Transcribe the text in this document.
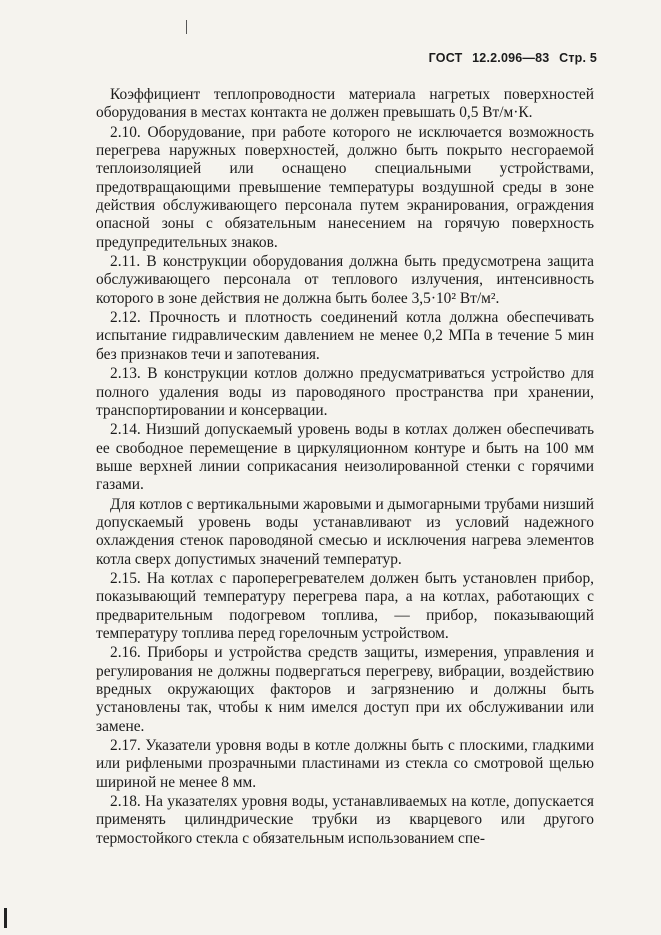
ГОСТ 12.2.096—83 Стр. 5

Коэффициент теплопроводности материала нагретых поверхностей оборудования в местах контакта не должен превышать 0,5 Вт/м·К.

2.10. Оборудование, при работе которого не исключается возможность перегрева наружных поверхностей, должно быть покрыто несгораемой теплоизоляцией или оснащено специальными устройствами, предотвращающими превышение температуры воздушной среды в зоне действия обслуживающего персонала путем экранирования, ограждения опасной зоны с обязательным нанесением на горячую поверхность предупредительных знаков.

2.11. В конструкции оборудования должна быть предусмотрена защита обслуживающего персонала от теплового излучения, интенсивность которого в зоне действия не должна быть более 3,5·10² Вт/м².

2.12. Прочность и плотность соединений котла должна обеспечивать испытание гидравлическим давлением не менее 0,2 МПа в течение 5 мин без признаков течи и запотевания.

2.13. В конструкции котлов должно предусматриваться устройство для полного удаления воды из пароводяного пространства при хранении, транспортировании и консервации.

2.14. Низший допускаемый уровень воды в котлах должен обеспечивать ее свободное перемещение в циркуляционном контуре и быть на 100 мм выше верхней линии соприкасания неизолированной стенки с горячими газами.

Для котлов с вертикальными жаровыми и дымогарными трубами низший допускаемый уровень воды устанавливают из условий надежного охлаждения стенок пароводяной смесью и исключения нагрева элементов котла сверх допустимых значений температур.

2.15. На котлах с пароперегревателем должен быть установлен прибор, показывающий температуру перегрева пара, а на котлах, работающих с предварительным подогревом топлива, — прибор, показывающий температуру топлива перед горелочным устройством.

2.16. Приборы и устройства средств защиты, измерения, управления и регулирования не должны подвергаться перегреву, вибрации, воздействию вредных окружающих факторов и загрязнению и должны быть установлены так, чтобы к ним имелся доступ при их обслуживании или замене.

2.17. Указатели уровня воды в котле должны быть с плоскими, гладкими или рифлеными прозрачными пластинами из стекла со смотровой щелью шириной не менее 8 мм.

2.18. На указателях уровня воды, устанавливаемых на котле, допускается применять цилиндрические трубки из кварцевого или другого термостойкого стекла с обязательным использованием спе-
